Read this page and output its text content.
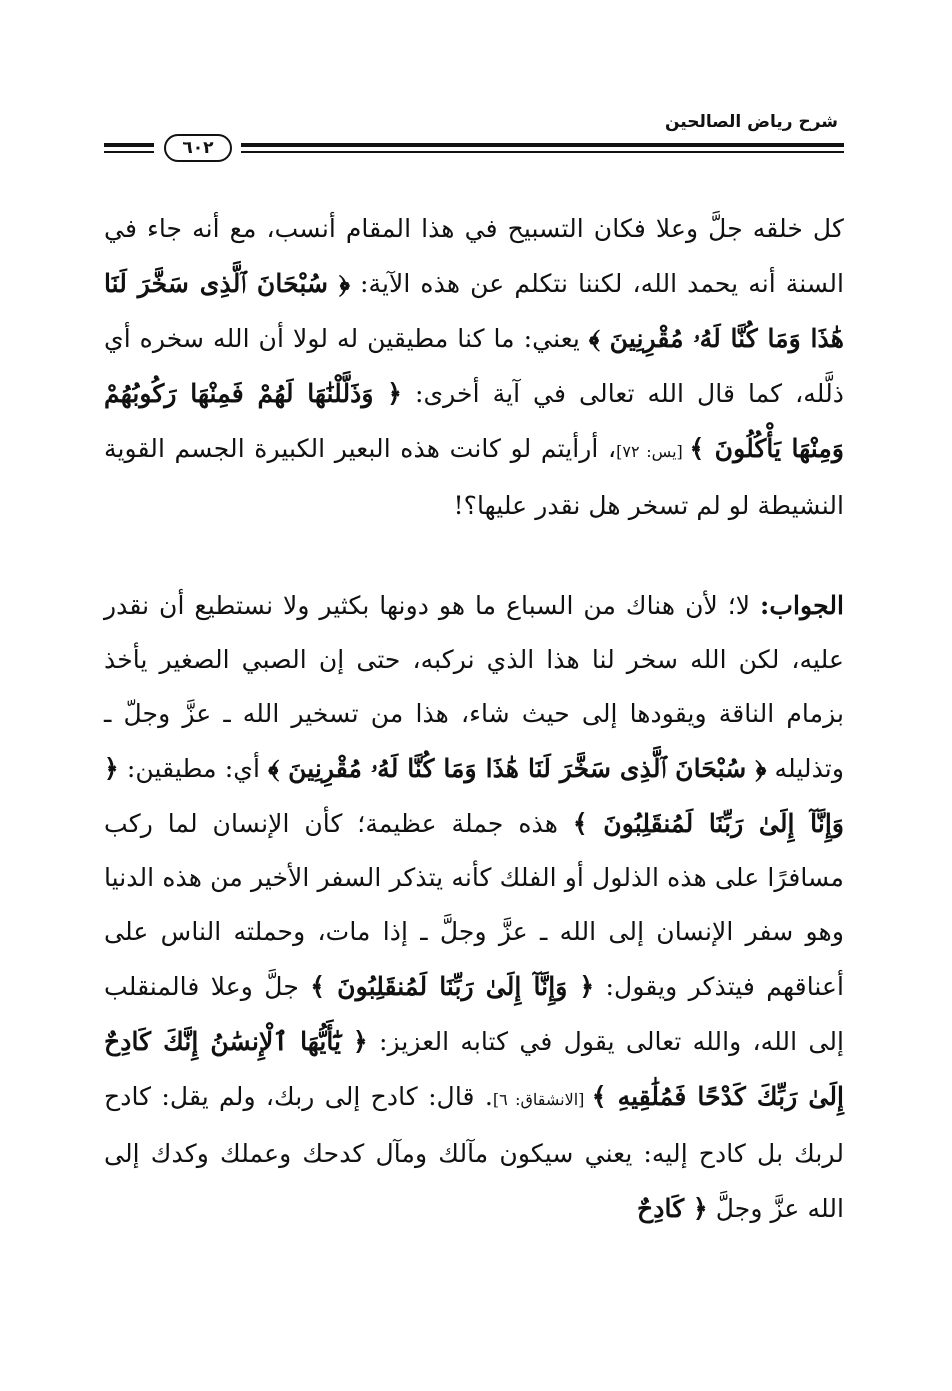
شرح رياض الصالحين
٦٠٢

كل خلقه جلَّ وعلا فكان التسبيح في هذا المقام أنسب، مع أنه جاء في السنة أنه يحمد الله، لكننا نتكلم عن هذه الآية: ﴿ سُبْحَانَ ٱلَّذِى سَخَّرَ لَنَا هَٰذَا وَمَا كُنَّا لَهُۥ مُقْرِنِينَ ﴾ يعني: ما كنا مطيقين له لولا أن الله سخره أي ذلَّله، كما قال الله تعالى في آية أخرى: ﴿ وَذَلَّلْنَٰهَا لَهُمْ فَمِنْهَا رَكُوبُهُمْ وَمِنْهَا يَأْكُلُونَ ﴾ [يس: ٧٢]، أرأيتم لو كانت هذه البعير الكبيرة الجسم القوية النشيطة لو لم تسخر هل نقدر عليها؟!

الجواب: لا؛ لأن هناك من السباع ما هو دونها بكثير ولا نستطيع أن نقدر عليه، لكن الله سخر لنا هذا الذي نركبه، حتى إن الصبي الصغير يأخذ بزمام الناقة ويقودها إلى حيث شاء، هذا من تسخير الله ـ عزَّ وجلّ ـ وتذليله ﴿ سُبْحَانَ ٱلَّذِى سَخَّرَ لَنَا هَٰذَا وَمَا كُنَّا لَهُۥ مُقْرِنِينَ ﴾ أي: مطيقين: ﴿ وَإِنَّآ إِلَىٰ رَبِّنَا لَمُنقَلِبُونَ ﴾ هذه جملة عظيمة؛ كأن الإنسان لما ركب مسافرًا على هذه الذلول أو الفلك كأنه يتذكر السفر الأخير من هذه الدنيا وهو سفر الإنسان إلى الله ـ عزَّ وجلَّ ـ إذا مات، وحملته الناس على أعناقهم فيتذكر ويقول: ﴿ وَإِنَّآ إِلَىٰ رَبِّنَا لَمُنقَلِبُونَ ﴾ جلَّ وعلا فالمنقلب إلى الله، والله تعالى يقول في كتابه العزيز: ﴿ يَٰٓأَيُّهَا ٱلْإِنسَٰنُ إِنَّكَ كَادِحٌ إِلَىٰ رَبِّكَ كَدْحًا فَمُلَٰقِيهِ ﴾ [الانشقاق: ٦]. قال: كادح إلى ربك، ولم يقل: كادح لربك بل كادح إليه: يعني سيكون مآلك ومآل كدحك وعملك وكدك إلى الله عزَّ وجلَّ ﴿ كَادِحٌ
